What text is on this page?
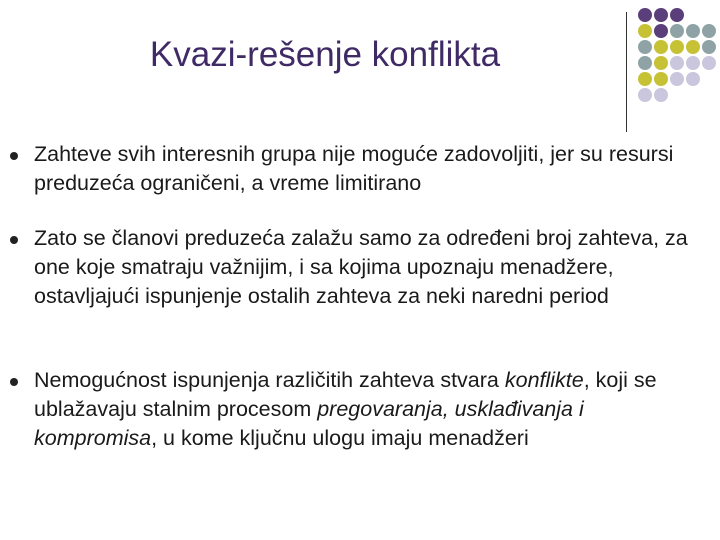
Kvazi-rešenje konflikta
Zahteve svih interesnih grupa nije moguće zadovoljiti, jer su resursi preduzeća ograničeni, a vreme limitirano
Zato se članovi preduzeća zalažu samo za određeni broj zahteva, za one koje smatraju važnijim, i sa kojima upoznaju menadžere, ostavljajući ispunjenje ostalih zahteva za neki naredni period
Nemogućnost ispunjenja različitih zahteva stvara konflikte, koji se ublažavaju stalnim procesom pregovaranja, usklađivanja i kompromisa, u kome ključnu ulogu imaju menadžeri
